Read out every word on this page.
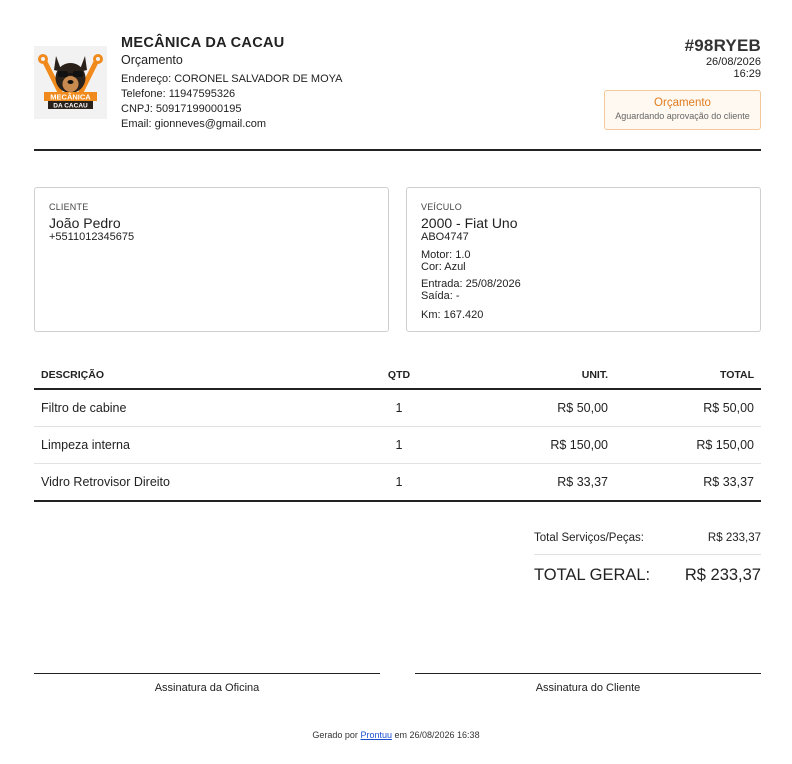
MECÂNICA
DA CACAU
MECÂNICA DA CACAU
Orçamento
Endereço: CORONEL SALVADOR DE MOYA
Telefone: 11947595326
CNPJ: 50917199000195
Email: gionneves@gmail.com
#98RYEB
26/08/2026
16:29
Orçamento
Aguardando aprovação do cliente
CLIENTE
João Pedro
+5511012345675
VEÍCULO
2000 - Fiat Uno
ABO4747
Motor: 1.0
Cor: Azul
Entrada: 25/08/2026
Saída: -
Km: 167.420
DESCRIÇÃO	QTD	UNIT.	TOTAL
Filtro de cabine	1	R$ 50,00	R$ 50,00
Limpeza interna	1	R$ 150,00	R$ 150,00
Vidro Retrovisor Direito	1	R$ 33,37	R$ 33,37
Total Serviços/Peças:	R$ 233,37
TOTAL GERAL: R$ 233,37
Assinatura da Oficina	Assinatura do Cliente
Gerado por Prontuu em 26/08/2026 16:38
